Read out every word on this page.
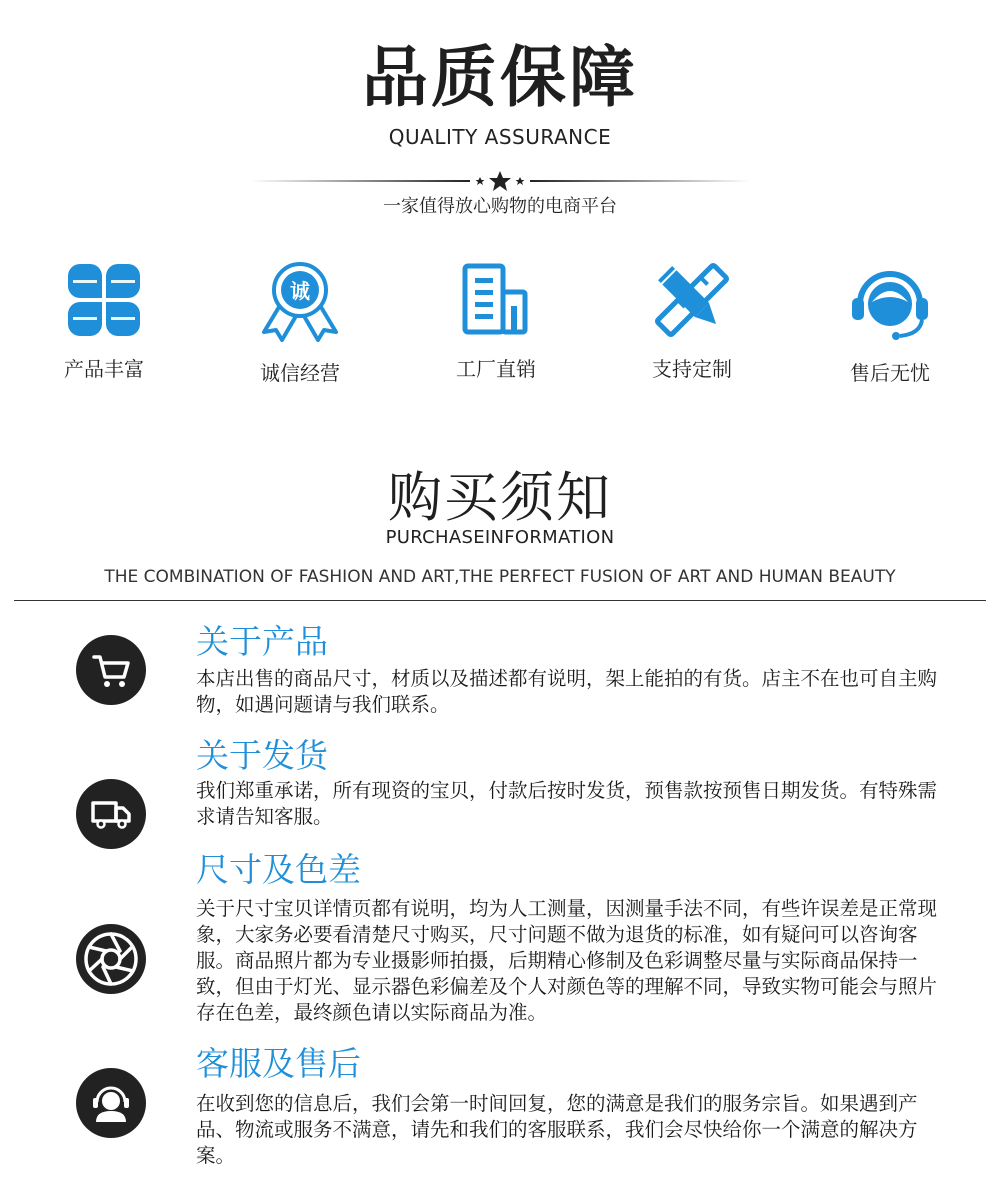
品质保障
QUALITY ASSURANCE
一家值得放心购物的电商平台
产品丰富
诚
诚信经营	工厂直销	支持定制	售后无忧
购买须知
PURCHASEINFORMATION
THE COMBINATION OF FASHION AND ART,THE PERFECT FUSION OF ART AND HUMAN BEAUTY
关于产品
本店出售的商品尺寸，材质以及描述都有说明，架上能拍的有货。店主不在也可自主购物，如遇问题请与我们联系。
关于发货
我们郑重承诺，所有现资的宝贝，付款后按时发货，预售款按预售日期发货。有特殊需求请告知客服。
尺寸及色差
关于尺寸宝贝详情页都有说明，均为人工测量，因测量手法不同，有些许误差是正常现象，大家务必要看清楚尺寸购买，尺寸问题不做为退货的标准，如有疑问可以咨询客服。商品照片都为专业摄影师拍摄，后期精心修制及色彩调整尽量与实际商品保持一致，但由于灯光、显示器色彩偏差及个人对颜色等的理解不同，导致实物可能会与照片存在色差，最终颜色请以实际商品为准。
客服及售后
在收到您的信息后，我们会第一时间回复，您的满意是我们的服务宗旨。如果遇到产品、物流或服务不满意，请先和我们的客服联系，我们会尽快给你一个满意的解决方案。
